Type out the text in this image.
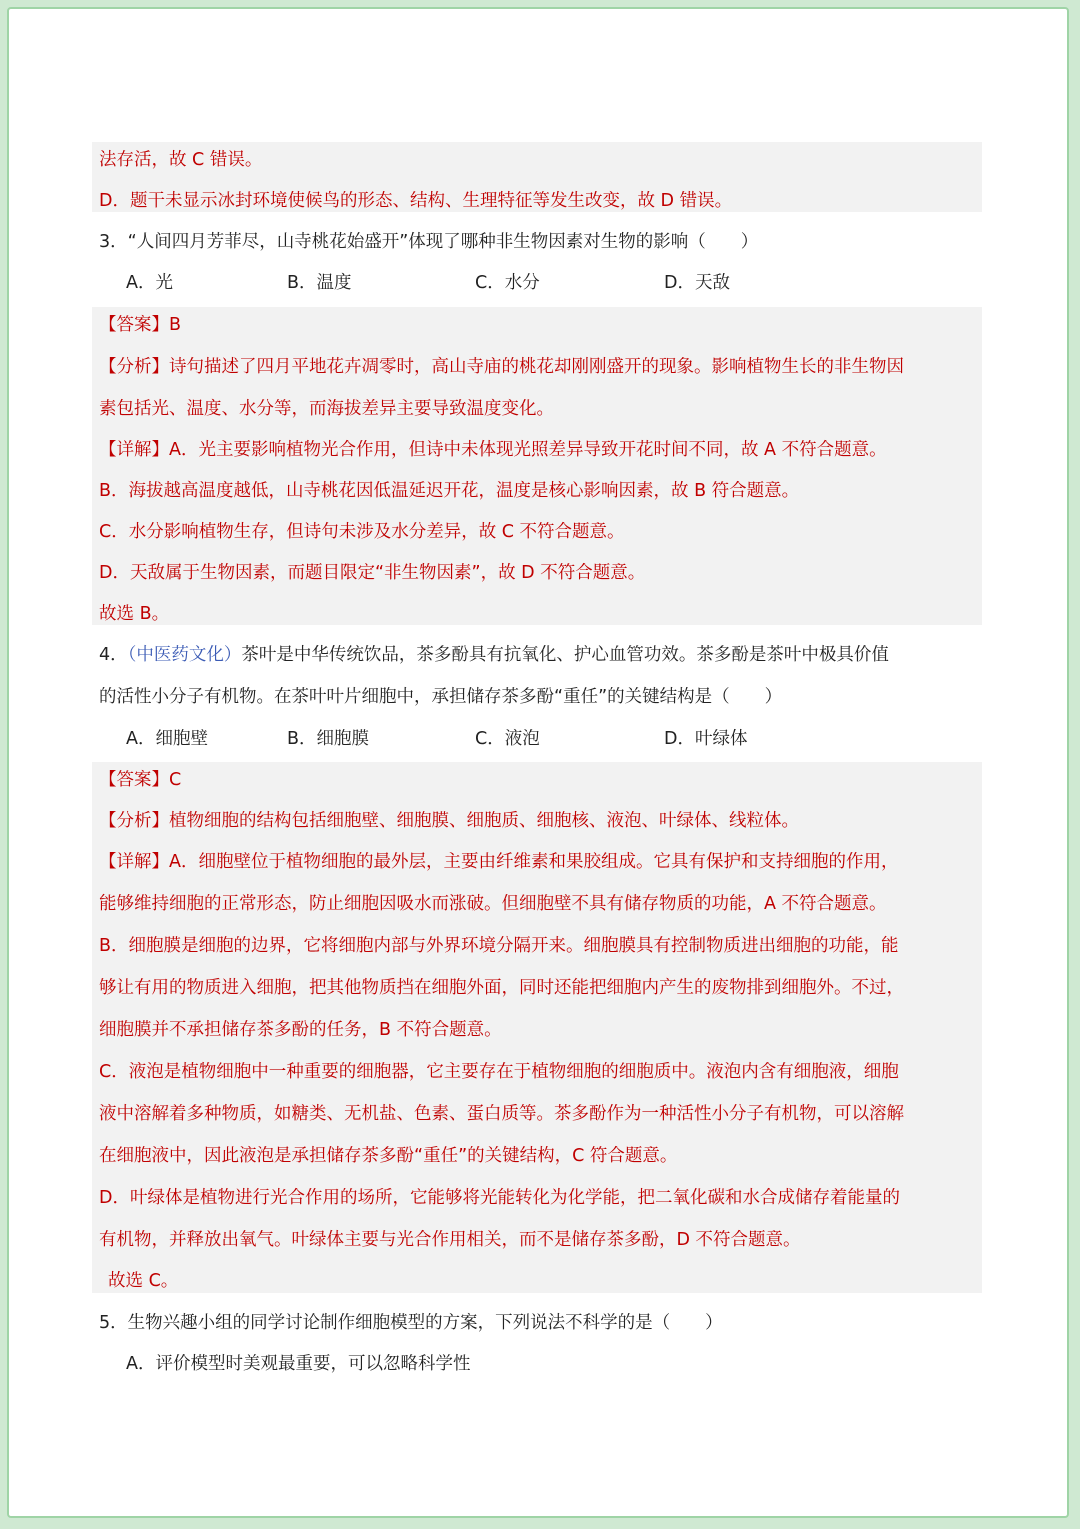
法存活，故 C 错误。
D．题干未显示冰封环境使候鸟的形态、结构、生理特征等发生改变，故 D 错误。
3．“人间四月芳菲尽，山寺桃花始盛开”体现了哪种非生物因素对生物的影响（　　）
A．光	B．温度	C．水分	D．天敌
【答案】B
【分析】诗句描述了四月平地花卉凋零时，高山寺庙的桃花却刚刚盛开的现象。影响植物生长的非生物因
素包括光、温度、水分等，而海拔差异主要导致温度变化。
【详解】A．光主要影响植物光合作用，但诗中未体现光照差异导致开花时间不同，故 A 不符合题意。
B．海拔越高温度越低，山寺桃花因低温延迟开花，温度是核心影响因素，故 B 符合题意。
C．水分影响植物生存，但诗句未涉及水分差异，故 C 不符合题意。
D．天敌属于生物因素，而题目限定“非生物因素”，故 D 不符合题意。
故选 B。
4．（中医药文化）茶叶是中华传统饮品，茶多酚具有抗氧化、护心血管功效。茶多酚是茶叶中极具价值
的活性小分子有机物。在茶叶叶片细胞中，承担储存茶多酚“重任”的关键结构是（　　）
A．细胞壁	B．细胞膜	C．液泡	D．叶绿体
【答案】C
【分析】植物细胞的结构包括细胞壁、细胞膜、细胞质、细胞核、液泡、叶绿体、线粒体。
【详解】A．细胞壁位于植物细胞的最外层，主要由纤维素和果胶组成。它具有保护和支持细胞的作用，
能够维持细胞的正常形态，防止细胞因吸水而涨破。但细胞壁不具有储存物质的功能，A 不符合题意。
B．细胞膜是细胞的边界，它将细胞内部与外界环境分隔开来。细胞膜具有控制物质进出细胞的功能，能
够让有用的物质进入细胞，把其他物质挡在细胞外面，同时还能把细胞内产生的废物排到细胞外。不过，
细胞膜并不承担储存茶多酚的任务，B 不符合题意。
C．液泡是植物细胞中一种重要的细胞器，它主要存在于植物细胞的细胞质中。液泡内含有细胞液，细胞
液中溶解着多种物质，如糖类、无机盐、色素、蛋白质等。茶多酚作为一种活性小分子有机物，可以溶解
在细胞液中，因此液泡是承担储存茶多酚“重任”的关键结构，C 符合题意。
D．叶绿体是植物进行光合作用的场所，它能够将光能转化为化学能，把二氧化碳和水合成储存着能量的
有机物，并释放出氧气。叶绿体主要与光合作用相关，而不是储存茶多酚，D 不符合题意。
故选 C。
5．生物兴趣小组的同学讨论制作细胞模型的方案，下列说法不科学的是（　　）
A．评价模型时美观最重要，可以忽略科学性
